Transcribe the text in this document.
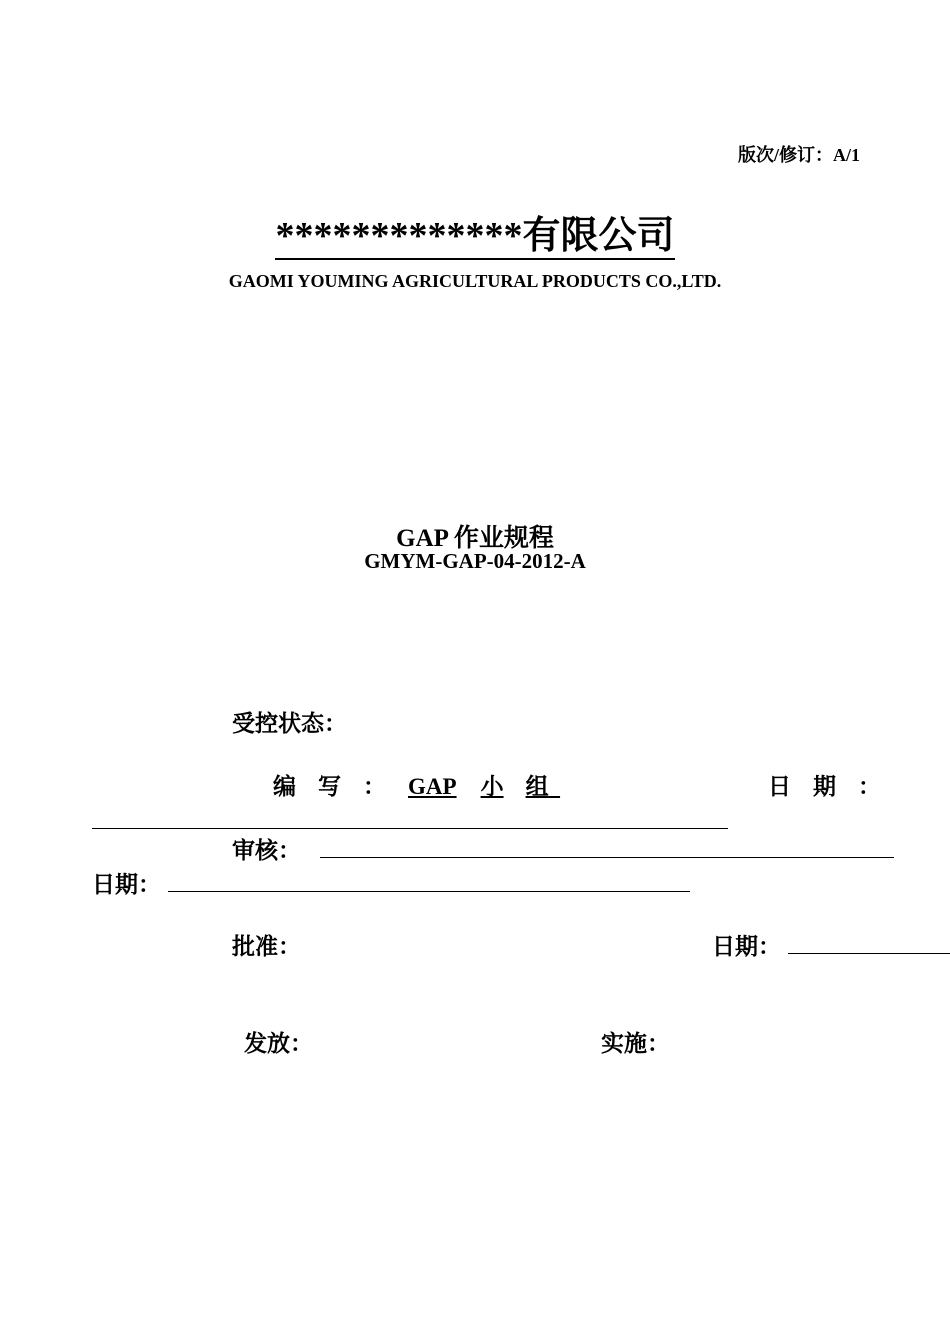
版次/修订：A/1
*************有限公司
GAOMI YOUMING AGRICULTURAL PRODUCTS CO.,LTD.
GAP 作业规程
GMYM-GAP-04-2012-A
受控状态：
编写： GAP 小 组	日期：
审核：
日期：
批准：	日期：
发放：	实施：
